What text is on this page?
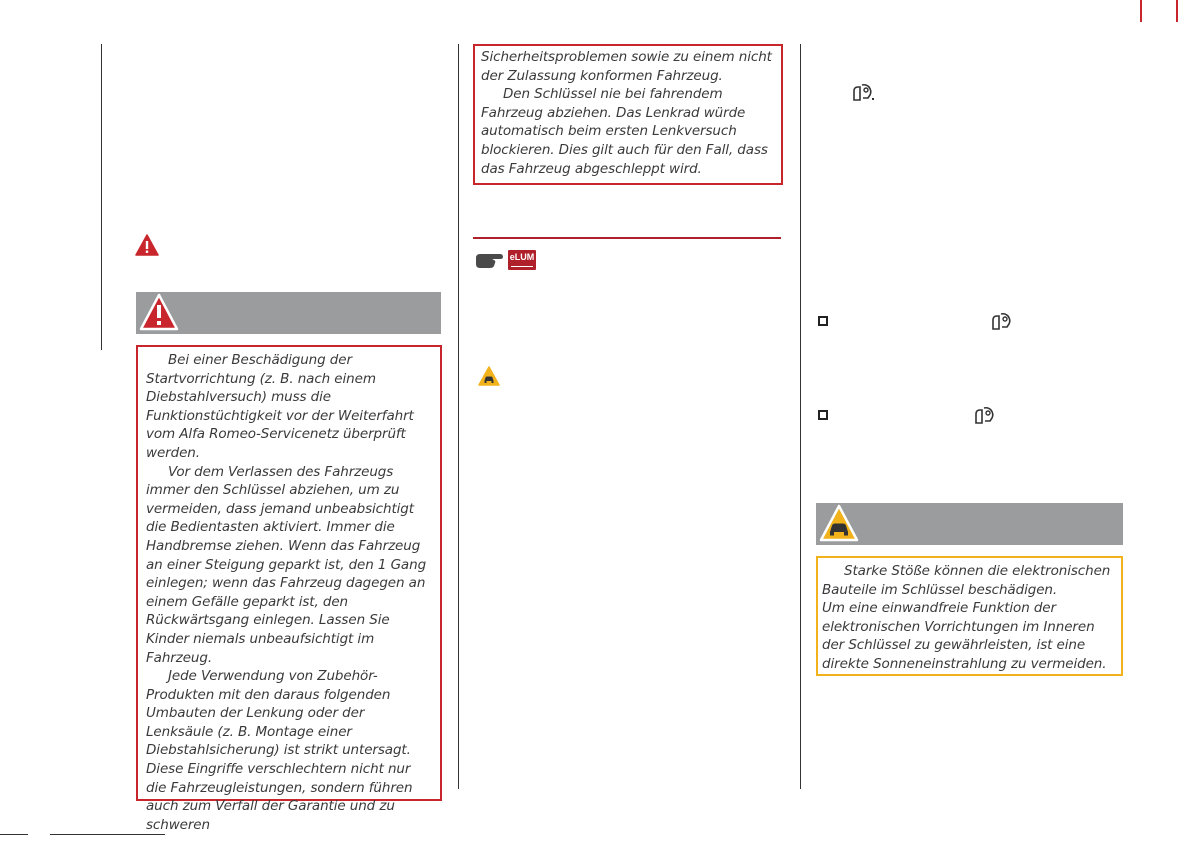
Bei einer Beschädigung der Startvorrichtung (z. B. nach einem Diebstahlversuch) muss die Funktionstüchtigkeit vor der Weiterfahrt vom Alfa Romeo-Servicenetz überprüft werden.

Vor dem Verlassen des Fahrzeugs immer den Schlüssel abziehen, um zu vermeiden, dass jemand unbeabsichtigt die Bedientasten aktiviert. Immer die Handbremse ziehen. Wenn das Fahrzeug an einer Steigung geparkt ist, den 1 Gang einlegen; wenn das Fahrzeug dagegen an einem Gefälle geparkt ist, den Rückwärtsgang einlegen. Lassen Sie Kinder niemals unbeaufsichtigt im Fahrzeug.

Jede Verwendung von Zubehör-Produkten mit den daraus folgenden Umbauten der Lenkung oder der Lenksäule (z. B. Montage einer Diebstahlsicherung) ist strikt untersagt. Diese Eingriffe verschlechtern nicht nur die Fahrzeugleistungen, sondern führen auch zum Verfall der Garantie und zu schweren

Sicherheitsproblemen sowie zu einem nicht der Zulassung konformen Fahrzeug.

Den Schlüssel nie bei fahrendem Fahrzeug abziehen. Das Lenkrad würde automatisch beim ersten Lenkversuch blockieren. Dies gilt auch für den Fall, dass das Fahrzeug abgeschleppt wird.

eLUM

Starke Stöße können die elektronischen Bauteile im Schlüssel beschädigen.

Um eine einwandfreie Funktion der elektronischen Vorrichtungen im Inneren der Schlüssel zu gewährleisten, ist eine direkte Sonneneinstrahlung zu vermeiden.
